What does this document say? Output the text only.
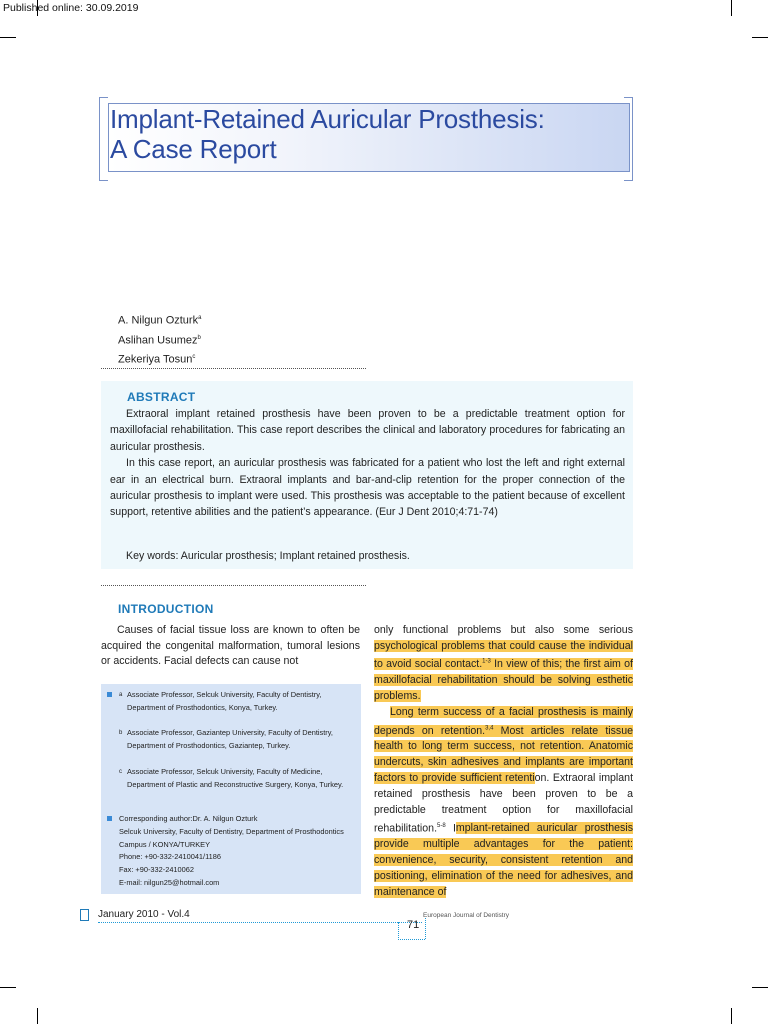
Published online: 30.09.2019
Implant-Retained Auricular Prosthesis:
A Case Report
A. Nilgun Ozturk$^a$
Aslihan Usumez$^b$
Zekeriya Tosun$^c$
ABSTRACT

Extraoral implant retained prosthesis have been proven to be a predictable treatment option for maxillofacial rehabilitation. This case report describes the clinical and laboratory procedures for fabricating an auricular prosthesis.

In this case report, an auricular prosthesis was fabricated for a patient who lost the left and right external ear in an electrical burn. Extraoral implants and bar-and-clip retention for the proper connection of the auricular prosthesis to implant were used. This prosthesis was acceptable to the patient because of excellent support, retentive abilities and the patient’s appearance. (Eur J Dent 2010;4:71-74)

Key words: Auricular prosthesis; Implant retained prosthesis.
INTRODUCTION

Causes of facial tissue loss are known to often be acquired the congenital malformation, tumoral lesions or accidents. Facial defects can cause not

only functional problems but also some serious psychological problems that could cause the individual to avoid social contact.$^{1-3}$ In view of this; the first aim of maxillofacial rehabilitation should be solving esthetic problems.

Long term success of a facial prosthesis is mainly depends on retention.$^{3,4}$ Most articles relate tissue health to long term success, not retention. Anatomic undercuts, skin adhesives and implants are important factors to provide sufficient retention. Extraoral implant retained prosthesis have been proven to be a predictable treatment option for maxillofacial rehabilitation.$^{5-8}$ Implant-retained auricular prosthesis provide multiple advantages for the patient: convenience, security, consistent retention and positioning, elimination of the need for adhesives, and maintenance of

a Associate Professor, Selcuk University, Faculty of Dentistry, Department of Prosthodontics, Konya, Turkey.
b Associate Professor, Gaziantep University, Faculty of Dentistry, Department of Prosthodontics, Gaziantep, Turkey.
c Associate Professor, Selcuk University, Faculty of Medicine, Department of Plastic and Reconstructive Surgery, Konya, Turkey.
Corresponding author:Dr. A. Nilgun Ozturk
Selcuk University, Faculty of Dentistry, Department of Prosthodontics Campus / KONYA/TURKEY
Phone: +90-332-2410041/1186
Fax: +90-332-2410062
E-mail: nilgun25@hotmail.com
January 2010 - Vol.4	European Journal of Dentistry
71
